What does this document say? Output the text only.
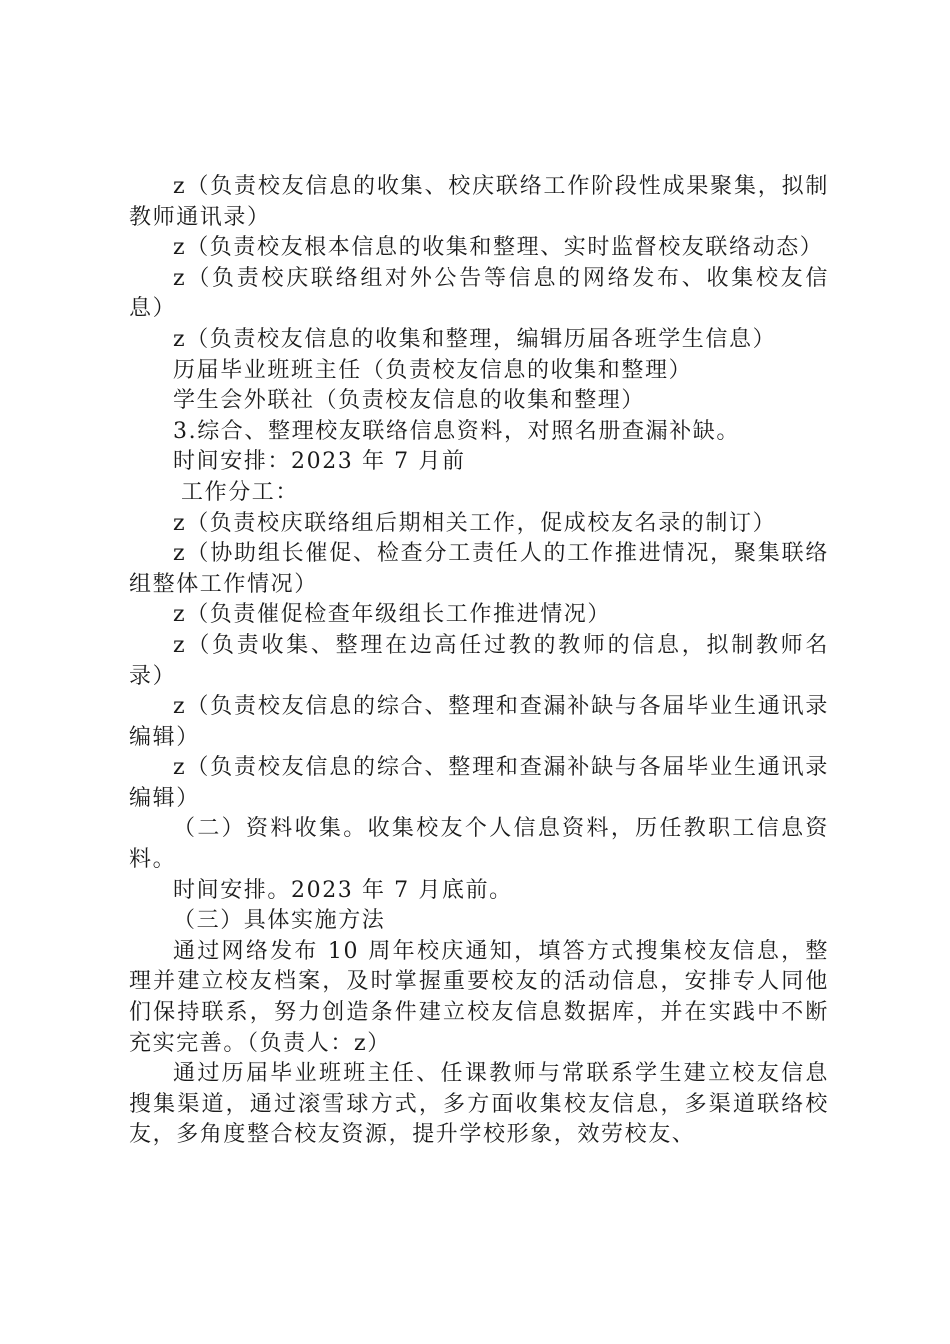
z（负责校友信息的收集、校庆联络工作阶段性成果聚集，拟制教师通讯录）

z（负责校友根本信息的收集和整理、实时监督校友联络动态）

z（负责校庆联络组对外公告等信息的网络发布、收集校友信息）

z（负责校友信息的收集和整理，编辑历届各班学生信息）

历届毕业班班主任（负责校友信息的收集和整理）

学生会外联社（负责校友信息的收集和整理）

3.综合、整理校友联络信息资料，对照名册查漏补缺。

时间安排：2023 年 7 月前

工作分工：

z（负责校庆联络组后期相关工作，促成校友名录的制订）

z（协助组长催促、检查分工责任人的工作推进情况，聚集联络组整体工作情况）

z（负责催促检查年级组长工作推进情况）

z（负责收集、整理在边高任过教的教师的信息，拟制教师名录）

z（负责校友信息的综合、整理和查漏补缺与各届毕业生通讯录编辑）

z（负责校友信息的综合、整理和查漏补缺与各届毕业生通讯录编辑）

（二）资料收集。收集校友个人信息资料，历任教职工信息资料。

时间安排。2023 年 7 月底前。

（三）具体实施方法

通过网络发布 10 周年校庆通知，填答方式搜集校友信息，整理并建立校友档案，及时掌握重要校友的活动信息，安排专人同他们保持联系，努力创造条件建立校友信息数据库，并在实践中不断充实完善。（负责人：z）

通过历届毕业班班主任、任课教师与常联系学生建立校友信息搜集渠道，通过滚雪球方式，多方面收集校友信息，多渠道联络校友，多角度整合校友资源，提升学校形象，效劳校友、
